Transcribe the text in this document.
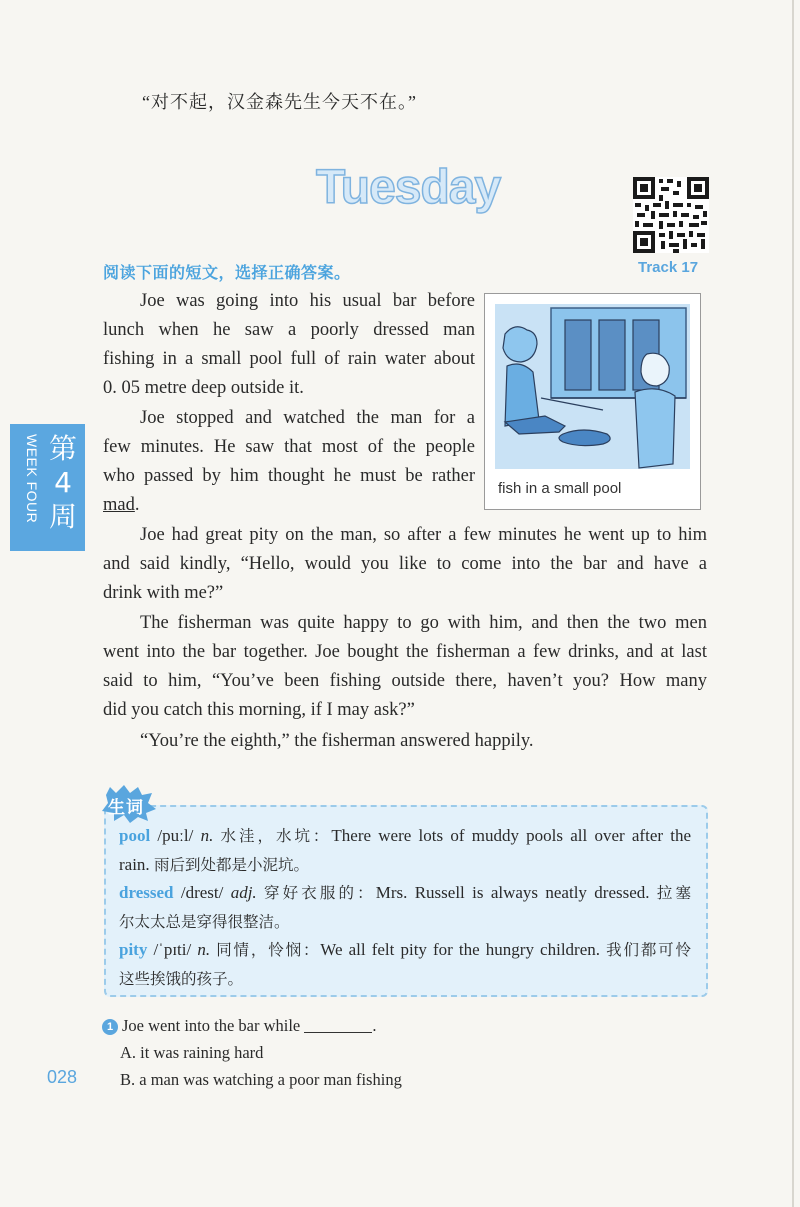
“对不起，汉金森先生今天不在。”
Tuesday
Track 17
阅读下面的短文，选择正确答案。
Joe was going into his usual bar before
lunch when he saw a poorly dressed man
fishing in a small pool full of rain water about
0. 05 metre deep outside it.
Joe stopped and watched the man for a
few minutes. He saw that most of the people
who passed by him thought he must be rather
mad.
fish in a small pool
WEEK FOUR 第4周
Joe had great pity on the man, so after a few minutes he went up to him
and said kindly, “Hello, would you like to come into the bar and have a
drink with me?”
The fisherman was quite happy to go with him, and then the two men
went into the bar together. Joe bought the fisherman a few drinks, and at last
said to him, “You’ve been fishing outside there, haven’t you? How many
did you catch this morning, if I may ask?”
“You’re the eighth,” the fisherman answered happily.
生词
pool /puːl/ n. 水洼，水坑：There were lots of muddy pools all over after the
rain. 雨后到处都是小泥坑。
dressed /drest/ adj. 穿好衣服的：Mrs. Russell is always neatly dressed. 拉塞
尔太太总是穿得很整洁。
pity /ˈpɪti/ n. 同情，怜悯：We all felt pity for the hungry children. 我们都可怜
这些挨饿的孩子。
1 Joe went into the bar while	.
A. it was raining hard
B. a man was watching a poor man fishing
028
